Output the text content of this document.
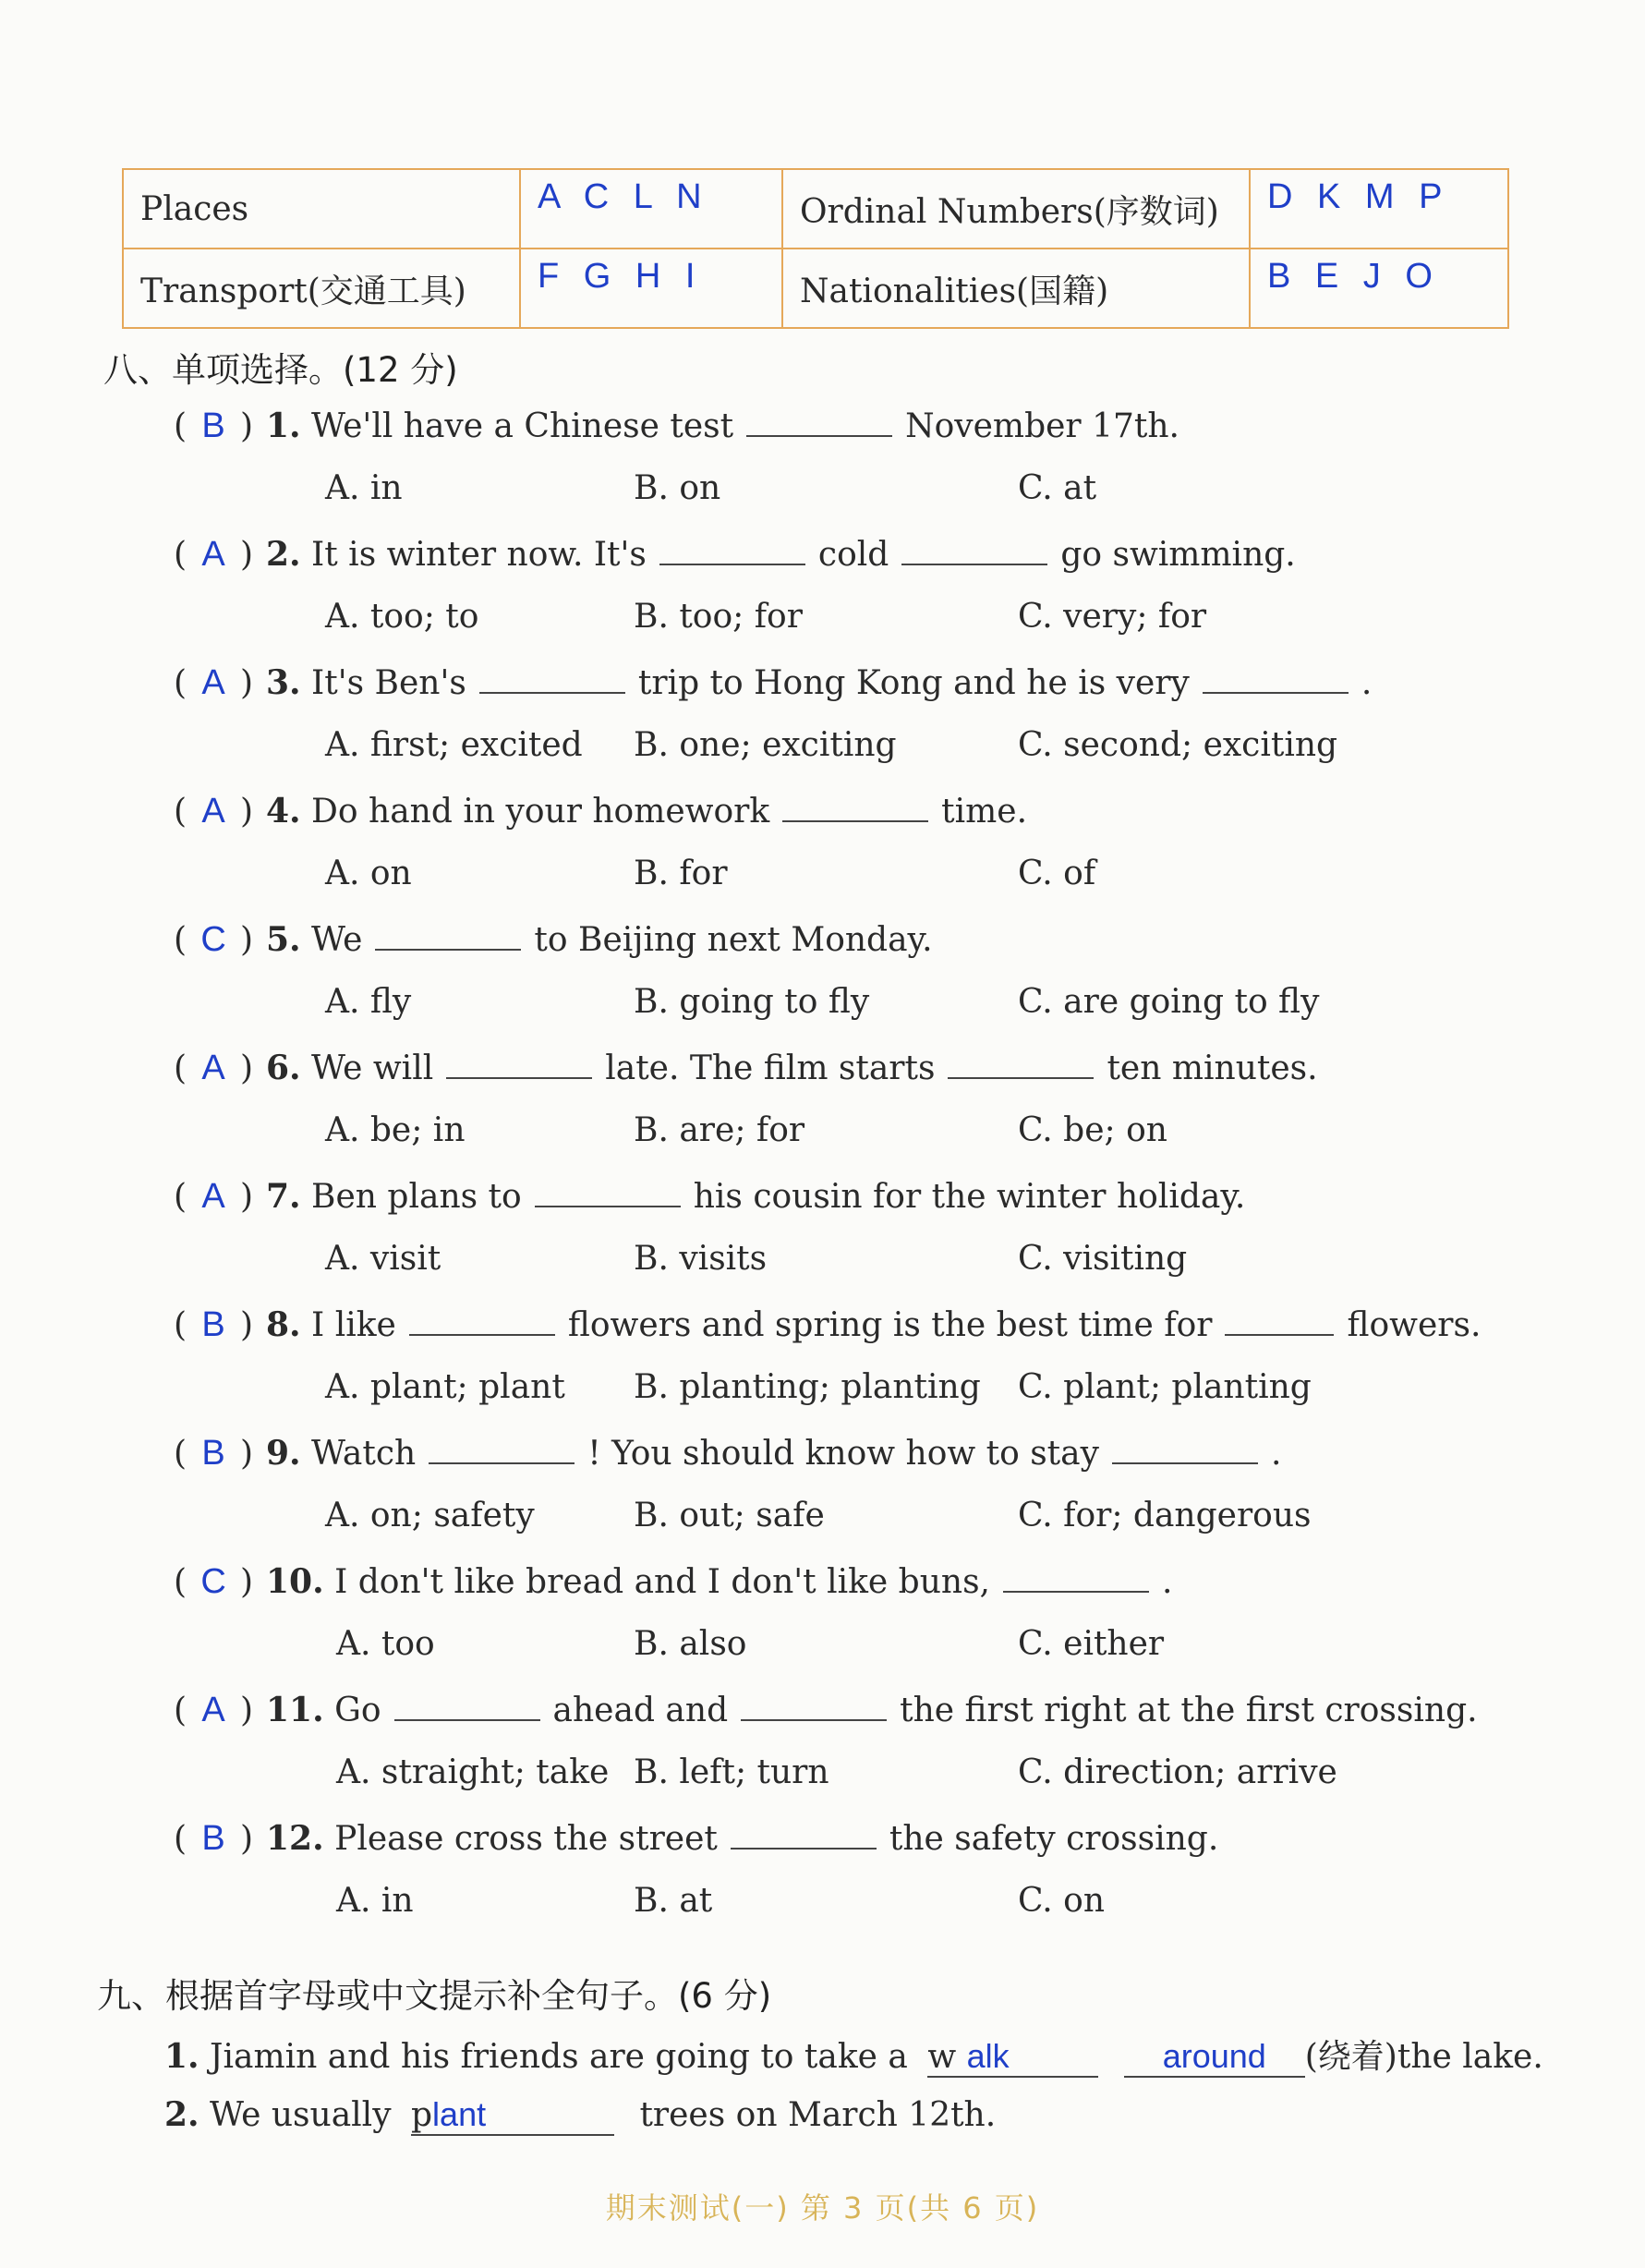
Places	A C L N	Ordinal Numbers(序数词)	D K M P
Transport(交通工具)	F G H I	Nationalities(国籍)	B E J O
八、单项选择。(12 分)
( B ) 1. We'll have a Chinese test	November 17th.
A. in	B. on	C. at
( A ) 2. It is winter now. It's	cold	go swimming.
A. too; to	B. too; for	C. very; for
( A ) 3. It's Ben's	trip to Hong Kong and he is very	.
A. first; excited B. one; exciting	C. second; exciting
( A ) 4. Do hand in your homework	time.
A. on	B. for	C. of
( C ) 5. We	to Beijing next Monday.
A. fly	B. going to fly	C. are going to fly
( A ) 6. We will	late. The film starts	ten minutes.
A. be; in	B. are; for	C. be; on
( A ) 7. Ben plans to	his cousin for the winter holiday.
A. visit	B. visits	C. visiting
( B ) 8. I like	flowers and spring is the best time for	flowers.
A. plant; plant B. planting; planting C. plant; planting
( B ) 9. Watch	! You should know how to stay	.
A. on; safety	B. out; safe	C. for; dangerous
( C ) 10. I don't like bread and I don't like buns,	.
A. too	B. also	C. either
( A ) 11. Go	ahead and	the first right at the first crossing.
A. straight; take B. left; turn	C. direction; arrive
( B ) 12. Please cross the street	the safety crossing.
A. in	B. at	C. on
九、根据首字母或中文提示补全句子。(6 分)
1. Jiamin and his friends are going to take a w alk	around (绕着)the lake.
2. We usually plant	trees on March 12th.
期末测试(一) 第 3 页(共 6 页)
